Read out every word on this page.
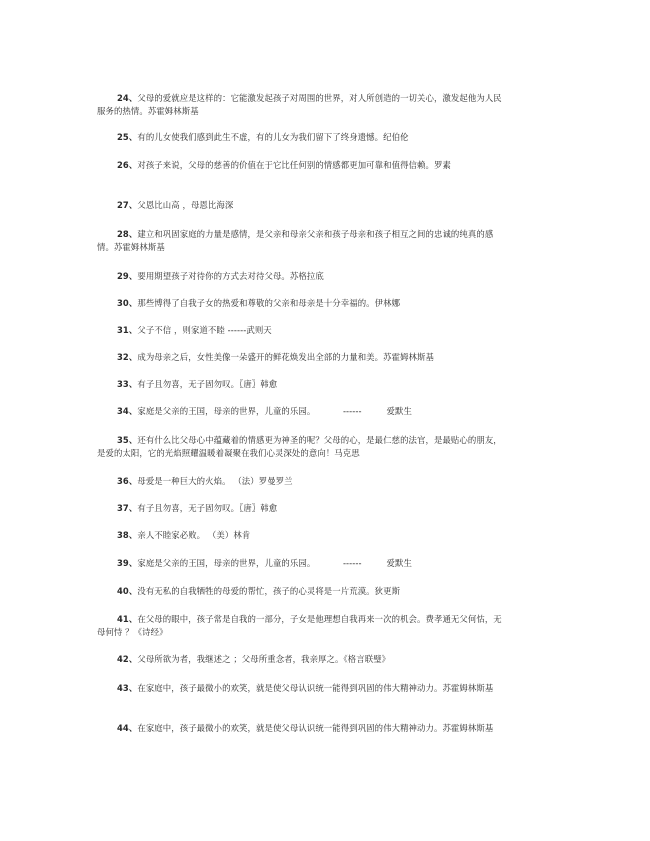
24、父母的爱就应是这样的：它能激发起孩子对周围的世界，对人所创造的一切关心，激发起他为人民服务的热情。苏霍姆林斯基
25、有的儿女使我们感到此生不虚，有的儿女为我们留下了终身遗憾。纪伯伦
26、对孩子来说，父母的慈善的价值在于它比任何别的情感都更加可靠和值得信赖。罗素
27、父恩比山高 ，母恩比海深
28、建立和巩固家庭的力量是感情，是父亲和母亲父亲和孩子母亲和孩子相互之间的忠诚的纯真的感情。苏霍姆林斯基
29、要用期望孩子对待你的方式去对待父母。苏格拉底
30、那些博得了自我子女的热爱和尊敬的父亲和母亲是十分幸福的。伊林娜
31、父子不信 ，则家道不睦 ------武则天
32、成为母亲之后，女性美像一朵盛开的鲜花焕发出全部的力量和美。苏霍姆林斯基
33、有子且勿喜，无子固勿叹。〖唐〗韩愈
34、家庭是父亲的王国，母亲的世界，儿童的乐园。          ------         爱默生
35、还有什么比父母心中蕴藏着的情感更为神圣的呢？父母的心，是最仁慈的法官，是最贴心的朋友，是爱的太阳，它的光焰照耀温暖着凝聚在我们心灵深处的意向！马克思
36、母爱是一种巨大的火焰。 （法）罗曼罗兰
37、有子且勿喜，无子固勿叹。〖唐〗韩愈
38、亲人不睦家必败。 （美）林肯
39、家庭是父亲的王国，母亲的世界，儿童的乐园。          ------         爱默生
40、没有无私的自我牺牲的母爱的帮忙，孩子的心灵将是一片荒漠。狄更斯
41、在父母的眼中，孩子常是自我的一部分，子女是他理想自我再来一次的机会。费孝通无父何怙，无母何恃 ？《诗经》
42、父母所欲为者，我继述之 ；父母所重念者，我亲厚之。《格言联璧》
43、在家庭中，孩子最微小的欢笑，就是使父母认识统一能得到巩固的伟大精神动力。苏霍姆林斯基
44、在家庭中，孩子最微小的欢笑，就是使父母认识统一能得到巩固的伟大精神动力。苏霍姆林斯基
